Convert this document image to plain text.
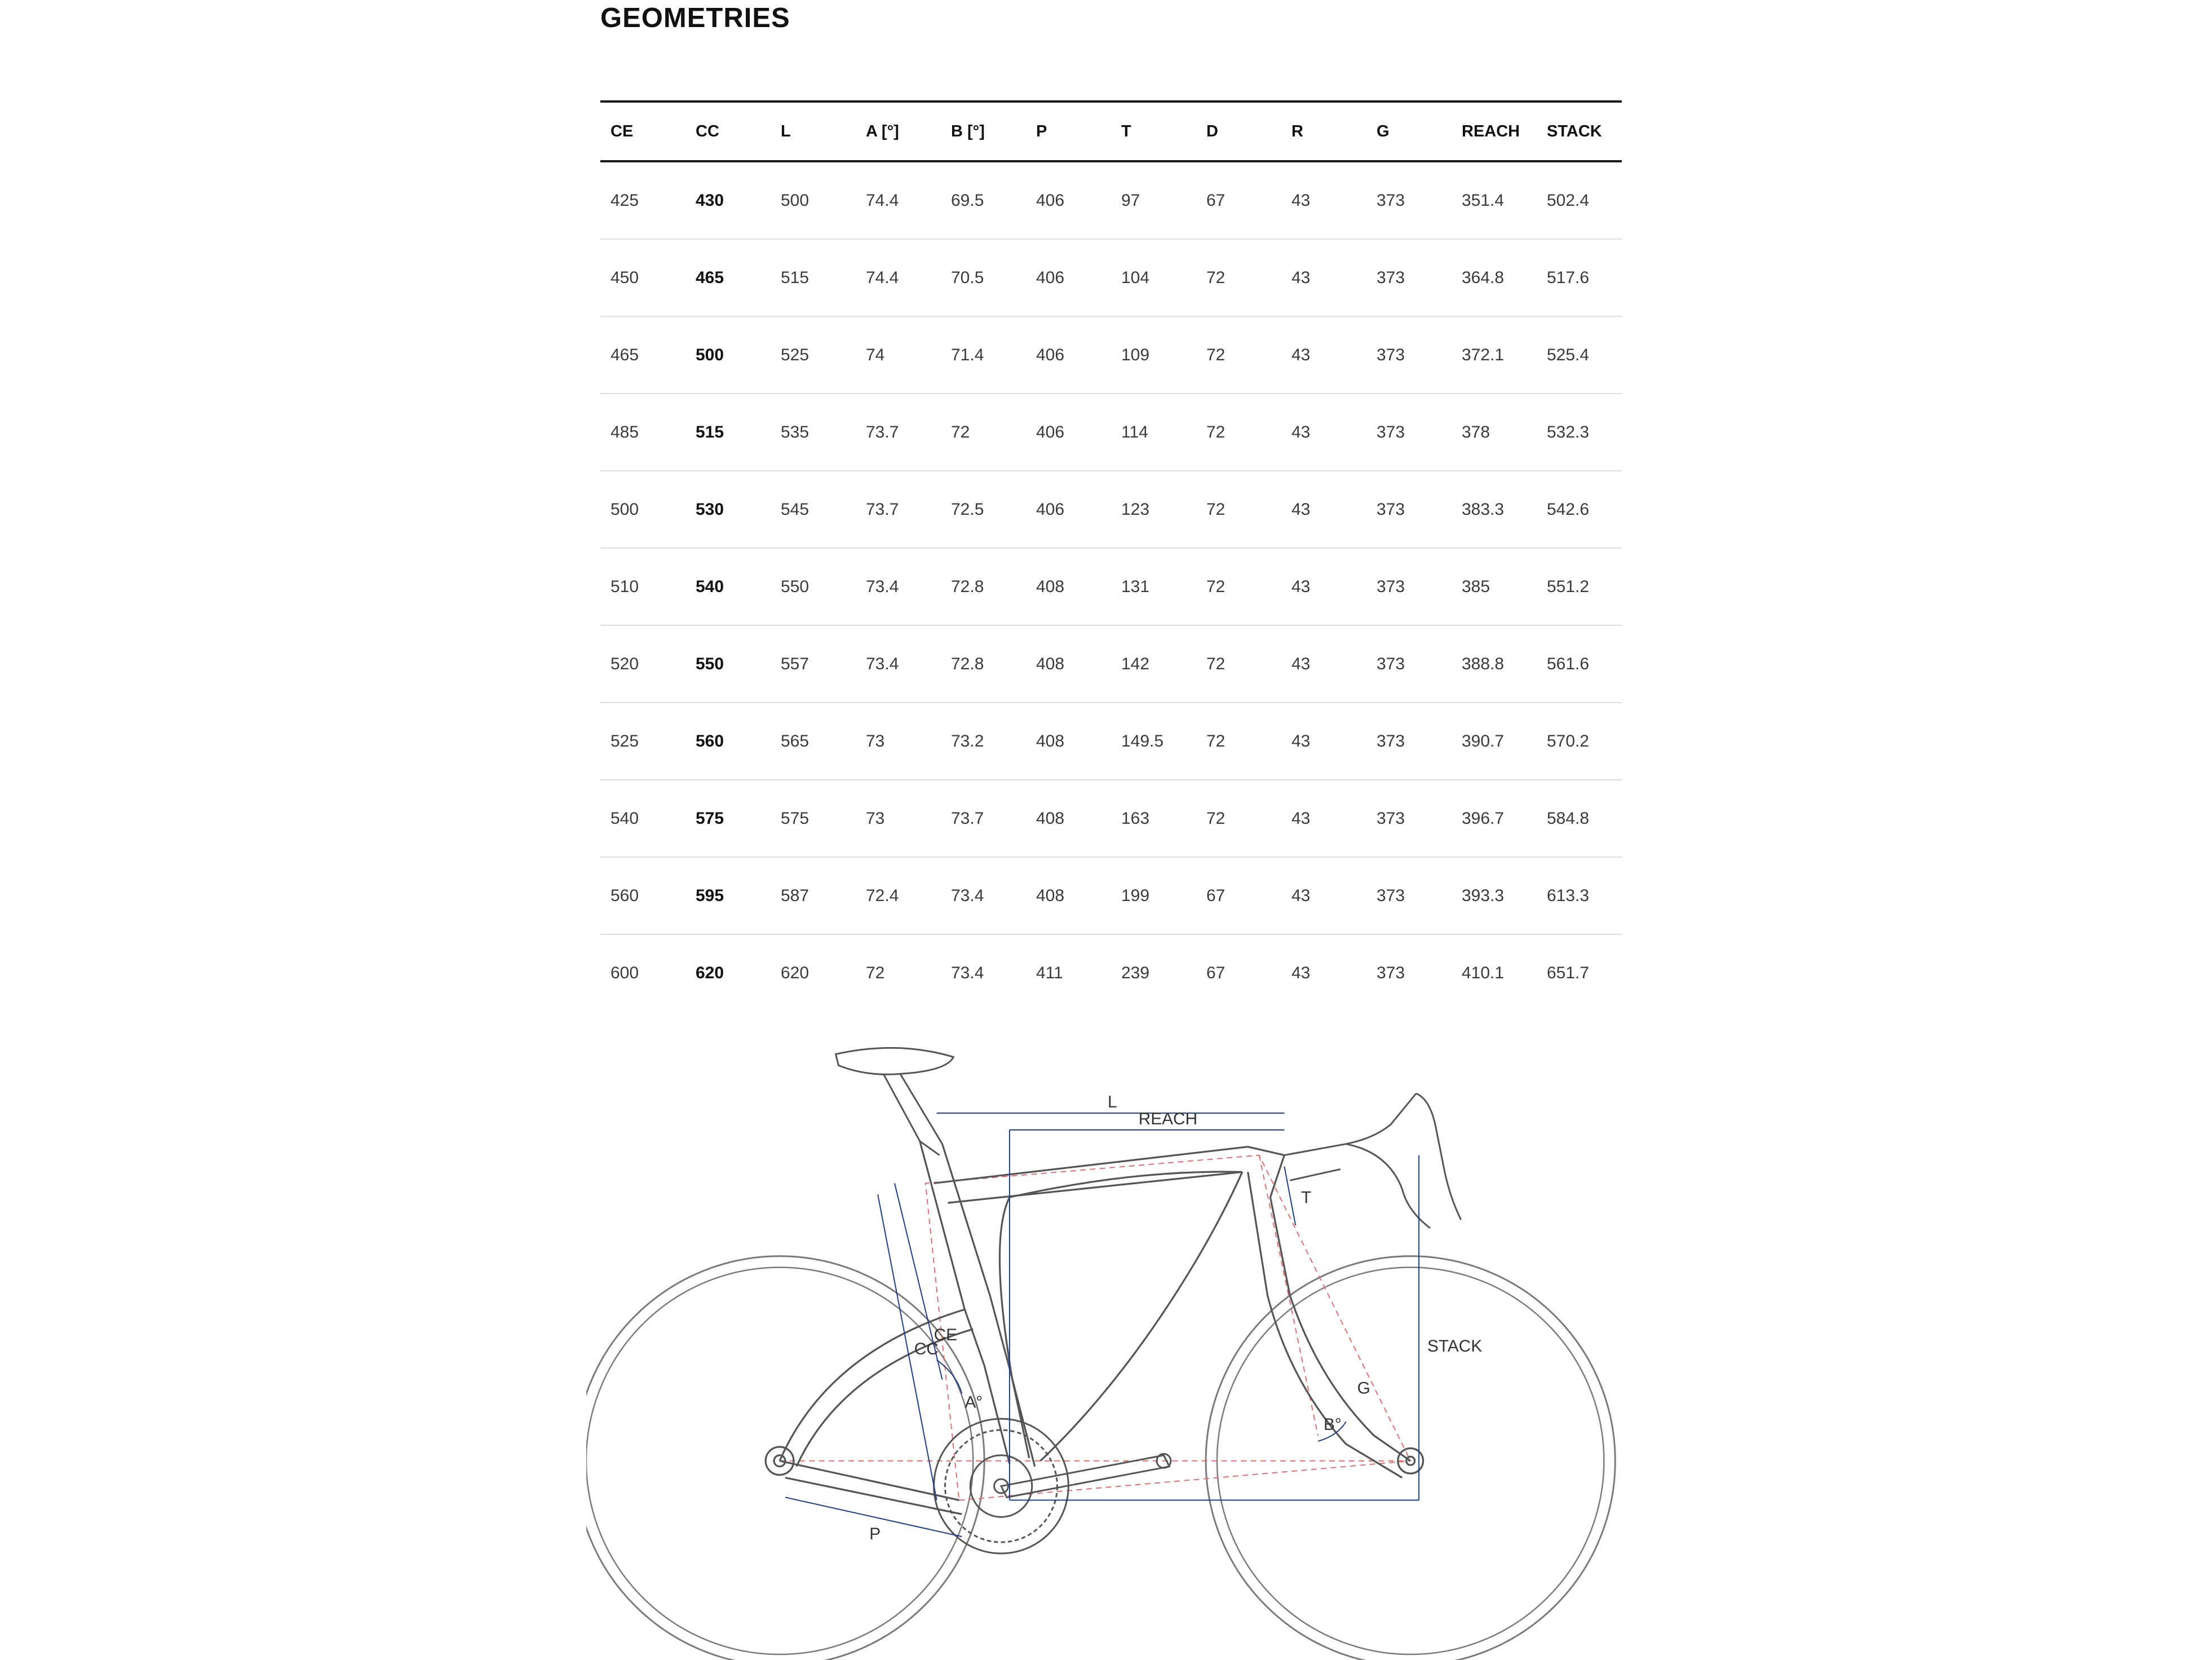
GEOMETRIES
CE	CC	L	A [°]	B [°]	P	T	D	R	G	REACH	STACK
425	430	500	74.4	69.5	406	97	67	43	373	351.4	502.4
450	465	515	74.4	70.5	406	104	72	43	373	364.8	517.6
465	500	525	74	71.4	406	109	72	43	373	372.1	525.4
485	515	535	73.7	72	406	114	72	43	373	378	532.3
500	530	545	73.7	72.5	406	123	72	43	373	383.3	542.6
510	540	550	73.4	72.8	408	131	72	43	373	385	551.2
520	550	557	73.4	72.8	408	142	72	43	373	388.8	561.6
525	560	565	73	73.2	408	149.5	72	43	373	390.7	570.2
540	575	575	73	73.7	408	163	72	43	373	396.7	584.8
560	595	587	72.4	73.4	408	199	67	43	373	393.3	613.3
600	620	620	72	73.4	411	239	67	43	373	410.1	651.7
L
REACH
STACK
CC
CE
A°
B°
P
T
G
